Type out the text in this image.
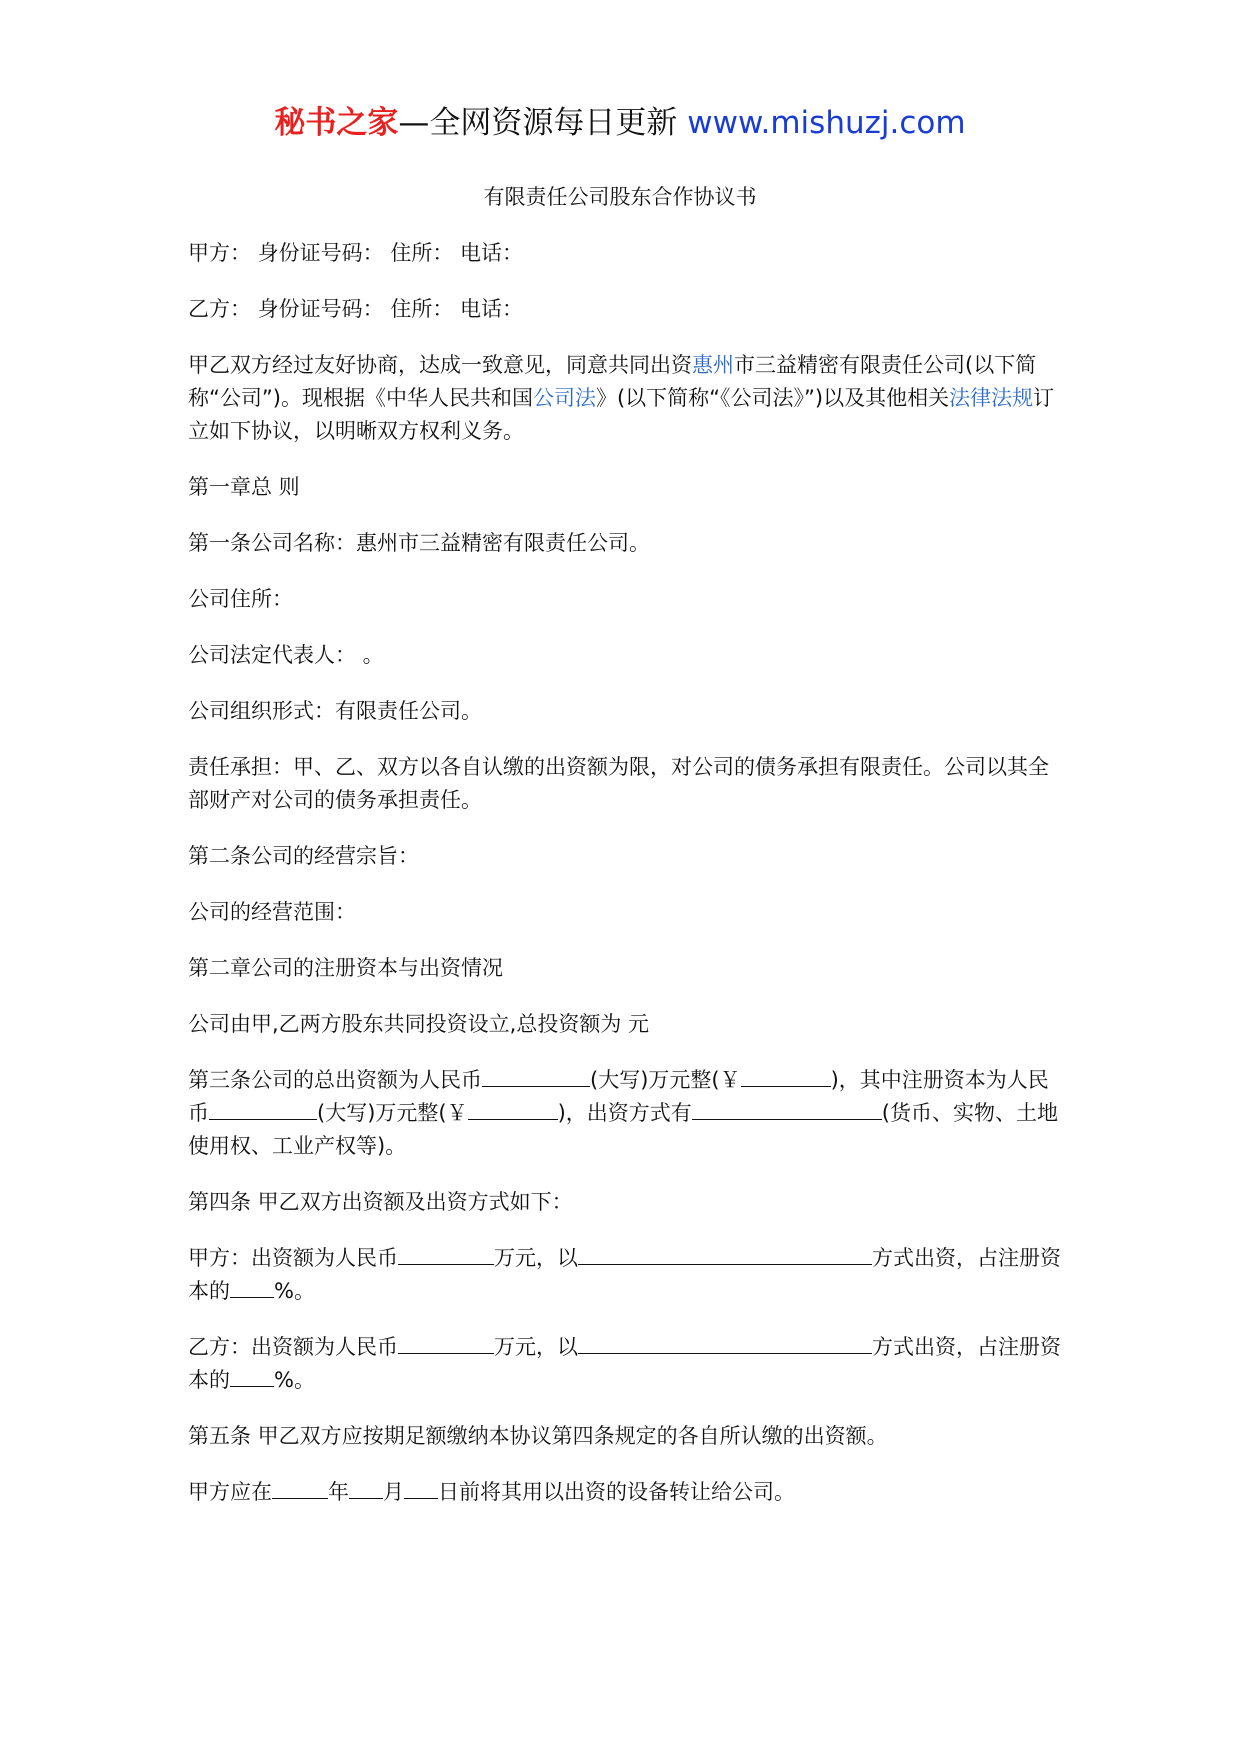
秘书之家—全网资源每日更新 www.mishuzj.com
有限责任公司股东合作协议书

甲方： 身份证号码： 住所： 电话：

乙方： 身份证号码： 住所： 电话：

甲乙双方经过友好协商，达成一致意见，同意共同出资惠州市三益精密有限责任公司(以下简称“公司”)。现根据《中华人民共和国公司法》(以下简称“《公司法》”)以及其他相关法律法规订立如下协议，以明晰双方权利义务。

第一章总 则

第一条公司名称：惠州市三益精密有限责任公司。

公司住所：

公司法定代表人： 。

公司组织形式：有限责任公司。

责任承担：甲、乙、双方以各自认缴的出资额为限，对公司的债务承担有限责任。公司以其全部财产对公司的债务承担责任。

第二条公司的经营宗旨：

公司的经营范围：

第二章公司的注册资本与出资情况

公司由甲,乙两方股东共同投资设立,总投资额为 元

第三条公司的总出资额为人民币	(大写)万元整(￥	)，其中注册资本为人民币	(大写)万元整(￥	)，出资方式有	(货币、实物、土地使用权、工业产权等)。

第四条 甲乙双方出资额及出资方式如下：

甲方：出资额为人民币	万元，以	方式出资，占注册资本的 %。

乙方：出资额为人民币	万元，以	方式出资，占注册资本的 %。

第五条 甲乙双方应按期足额缴纳本协议第四条规定的各自所认缴的出资额。

甲方应在	年 月 日前将其用以出资的设备转让给公司。
